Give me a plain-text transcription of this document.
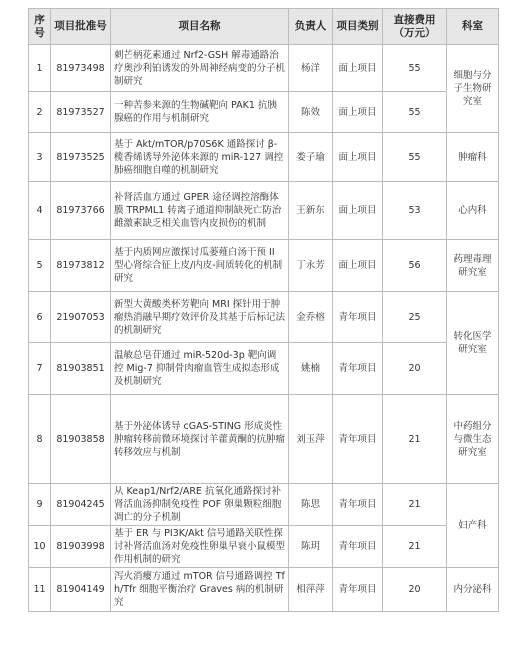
序号	项目批准号	项目名称	负责人	项目类别	直接费用（万元）	科室
1	81973498	刺芒柄花素通过 Nrf2-GSH 解毒通路治疗奥沙利铂诱发的外周神经病变的分子机制研究	杨洋	面上项目	55	细胞与分子生物研究室
2	81973527	一种苦参来源的生物碱靶向 PAK1 抗胰腺癌的作用与机制研究	陈效	面上项目	55	
3	81973525	基于 Akt/mTOR/p70S6K 通路探讨 β-榄香烯诱导外泌体来源的 miR-127 调控肺癌细胞自噬的机制研究	娄子瑜	面上项目	55	肿瘤科
4	81973766	补肾活血方通过 GPER 途径调控溶酶体膜 TRPML1 转离子通道抑制缺死亡防治雌激素缺乏相关血管内皮损伤的机制	王新东	面上项目	53	心内科
5	81973812	基于内质网应激探讨瓜蒌薤白汤干预 II 型心肾综合征上皮/内皮-间质转化的机制研究	丁永芳	面上项目	56	药理毒理研究室
6	21907053	新型大黄酸类杯芳靶向 MRI 探针用于肿瘤热消融早期疗效评价及其基于后标记法的机制研究	金乔榕	青年项目	25	转化医学研究室
7	81903851	温敏总皂苷通过 miR-520d-3p 靶向调控 Mig-7 抑制骨肉瘤血管生成拟态形成及机制研究	姚楠	青年项目	20	
8	81903858	基于外泌体诱导 cGAS-STING 形成炎性肿瘤转移前微环境探讨羊藿黄酮的抗肿瘤转移效应与机制	刘玉萍	青年项目	21	中药组分与微生态研究室
9	81904245	从 Keap1/Nrf2/ARE 抗氧化通路探讨补肾活血汤抑制免疫性 POF 卵巢颗粒细胞凋亡的分子机制	陈思	青年项目	21	妇产科
10	81903998	基于 ER 与 PI3K/Akt 信号通路关联性探讨补肾活血汤对免疫性卵巢早衰小鼠模型作用机制的研究	陈玥	青年项目	21	
11	81904149	泻火消瘿方通过 mTOR 信号通路调控 Tfh/Tfr 细胞平衡治疗 Graves 病的机制研究	相萍萍	青年项目	20	内分泌科
